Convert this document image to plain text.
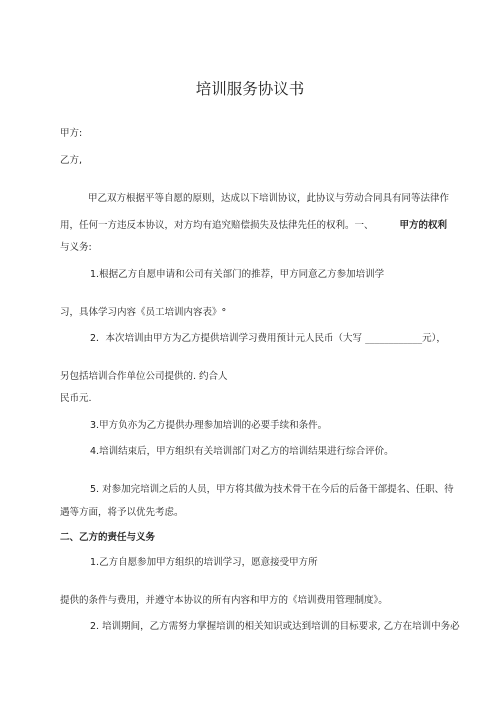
培训服务协议书
甲方:
乙方,
甲乙双方根据平等自愿的原则，达成以下培训协议，此协议与劳动合同具有同等法律作
用，任何一方违反本协议，对方均有追究赔偿损失及怯律先任的权利。一、	甲方的权利
与义务:
1.根据乙方自愿申请和公司有关部门的推荐，甲方同意乙方参加培训学
习，具体学习内容《员工培训内容表》°
2．本次培训由甲方为乙方提供培训学习费用预计元人民币（大写 ____________元），
另包括培训合作单位公司提供的. 约合人
民币元.
3.甲方负亦为乙方提供办理参加培训的必要手续和条件。
4.培训结束后，甲方组织有关培训部门对乙方的培训结果进行综合评价。
5. 对参加完培训之后的人员，甲方将其做为技术骨干在今后的后备干部提名、任职、待
遇等方面，将予以优先考虑。
二、乙方的责任与义务
1.乙方自愿参加甲方组织的培训学习，愿意接受甲方所
提供的条件与费用，并遵守本协议的所有内容和甲方的《培训费用管理制度》。
2. 培训期间，乙方需努力掌握培训的相关知识或达到培训的目标要求, 乙方在培训中务必
